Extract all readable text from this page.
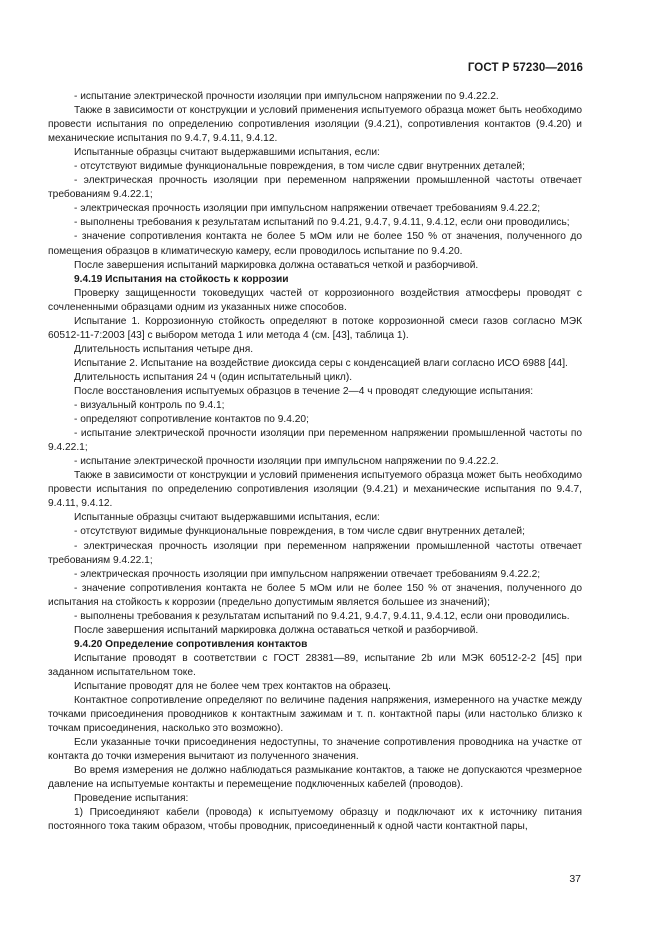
ГОСТ Р 57230—2016

- испытание электрической прочности изоляции при импульсном напряжении по 9.4.22.2.

Также в зависимости от конструкции и условий применения испытуемого образца может быть необходимо провести испытания по определению сопротивления изоляции (9.4.21), сопротивления контактов (9.4.20) и механические испытания по 9.4.7, 9.4.11, 9.4.12.

Испытанные образцы считают выдержавшими испытания, если:

- отсутствуют видимые функциональные повреждения, в том числе сдвиг внутренних деталей;

- электрическая прочность изоляции при переменном напряжении промышленной частоты отвечает требованиям 9.4.22.1;

- электрическая прочность изоляции при импульсном напряжении отвечает требованиям 9.4.22.2;

- выполнены требования к результатам испытаний по 9.4.21, 9.4.7, 9.4.11, 9.4.12, если они проводились;

- значение сопротивления контакта не более 5 мОм или не более 150 % от значения, полученного до помещения образцов в климатическую камеру, если проводилось испытание по 9.4.20.

После завершения испытаний маркировка должна оставаться четкой и разборчивой.

9.4.19 Испытания на стойкость к коррозии

Проверку защищенности токоведущих частей от коррозионного воздействия атмосферы проводят с сочлененными образцами одним из указанных ниже способов.

Испытание 1. Коррозионную стойкость определяют в потоке коррозионной смеси газов согласно МЭК 60512-11-7:2003 [43] с выбором метода 1 или метода 4 (см. [43], таблица 1).

Длительность испытания четыре дня.

Испытание 2. Испытание на воздействие диоксида серы с конденсацией влаги согласно ИСО 6988 [44].

Длительность испытания 24 ч (один испытательный цикл).

После восстановления испытуемых образцов в течение 2—4 ч проводят следующие испытания:

- визуальный контроль по 9.4.1;

- определяют сопротивление контактов по 9.4.20;

- испытание электрической прочности изоляции при переменном напряжении промышленной частоты по 9.4.22.1;

- испытание электрической прочности изоляции при импульсном напряжении по 9.4.22.2.

Также в зависимости от конструкции и условий применения испытуемого образца может быть необходимо провести испытания по определению сопротивления изоляции (9.4.21) и механические испытания по 9.4.7, 9.4.11, 9.4.12.

Испытанные образцы считают выдержавшими испытания, если:

- отсутствуют видимые функциональные повреждения, в том числе сдвиг внутренних деталей;

- электрическая прочность изоляции при переменном напряжении промышленной частоты отвечает требованиям 9.4.22.1;

- электрическая прочность изоляции при импульсном напряжении отвечает требованиям 9.4.22.2;

- значение сопротивления контакта не более 5 мОм или не более 150 % от значения, полученного до испытания на стойкость к коррозии (предельно допустимым является большее из значений);

- выполнены требования к результатам испытаний по 9.4.21, 9.4.7, 9.4.11, 9.4.12, если они проводились.

После завершения испытаний маркировка должна оставаться четкой и разборчивой.

9.4.20 Определение сопротивления контактов

Испытание проводят в соответствии с ГОСТ 28381—89, испытание 2b или МЭК 60512-2-2 [45] при заданном испытательном токе.

Испытание проводят для не более чем трех контактов на образец.

Контактное сопротивление определяют по величине падения напряжения, измеренного на участке между точками присоединения проводников к контактным зажимам и т. п. контактной пары (или настолько близко к точкам присоединения, насколько это возможно).

Если указанные точки присоединения недоступны, то значение сопротивления проводника на участке от контакта до точки измерения вычитают из полученного значения.

Во время измерения не должно наблюдаться размыкание контактов, а также не допускаются чрезмерное давление на испытуемые контакты и перемещение подключенных кабелей (проводов).

Проведение испытания:

1) Присоединяют кабели (провода) к испытуемому образцу и подключают их к источнику питания постоянного тока таким образом, чтобы проводник, присоединенный к одной части контактной пары,

37
